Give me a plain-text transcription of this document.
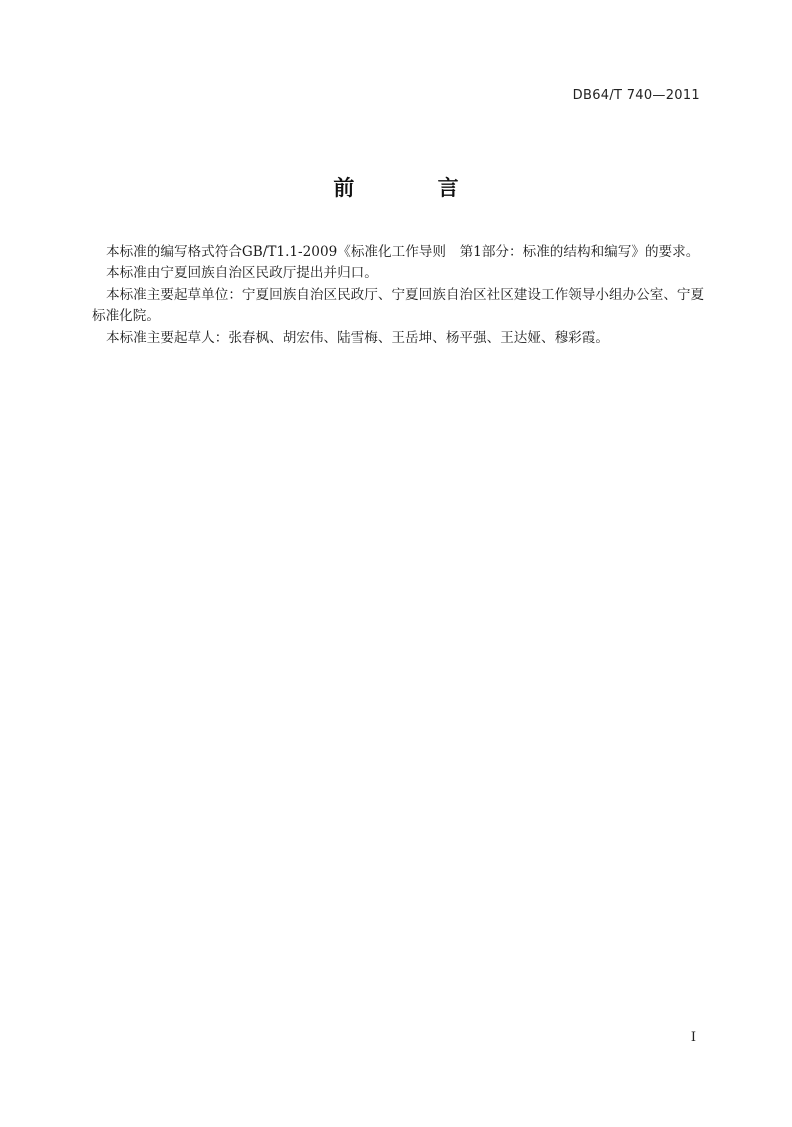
DB64/T 740—2011
前 言

本标准的编写格式符合GB/T1.1-2009《标准化工作导则　第1部分：标准的结构和编写》的要求。

本标准由宁夏回族自治区民政厅提出并归口。

本标准主要起草单位：宁夏回族自治区民政厅、宁夏回族自治区社区建设工作领导小组办公室、宁夏标准化院。

本标准主要起草人：张春枫、胡宏伟、陆雪梅、王岳坤、杨平强、王达娅、穆彩霞。

I
